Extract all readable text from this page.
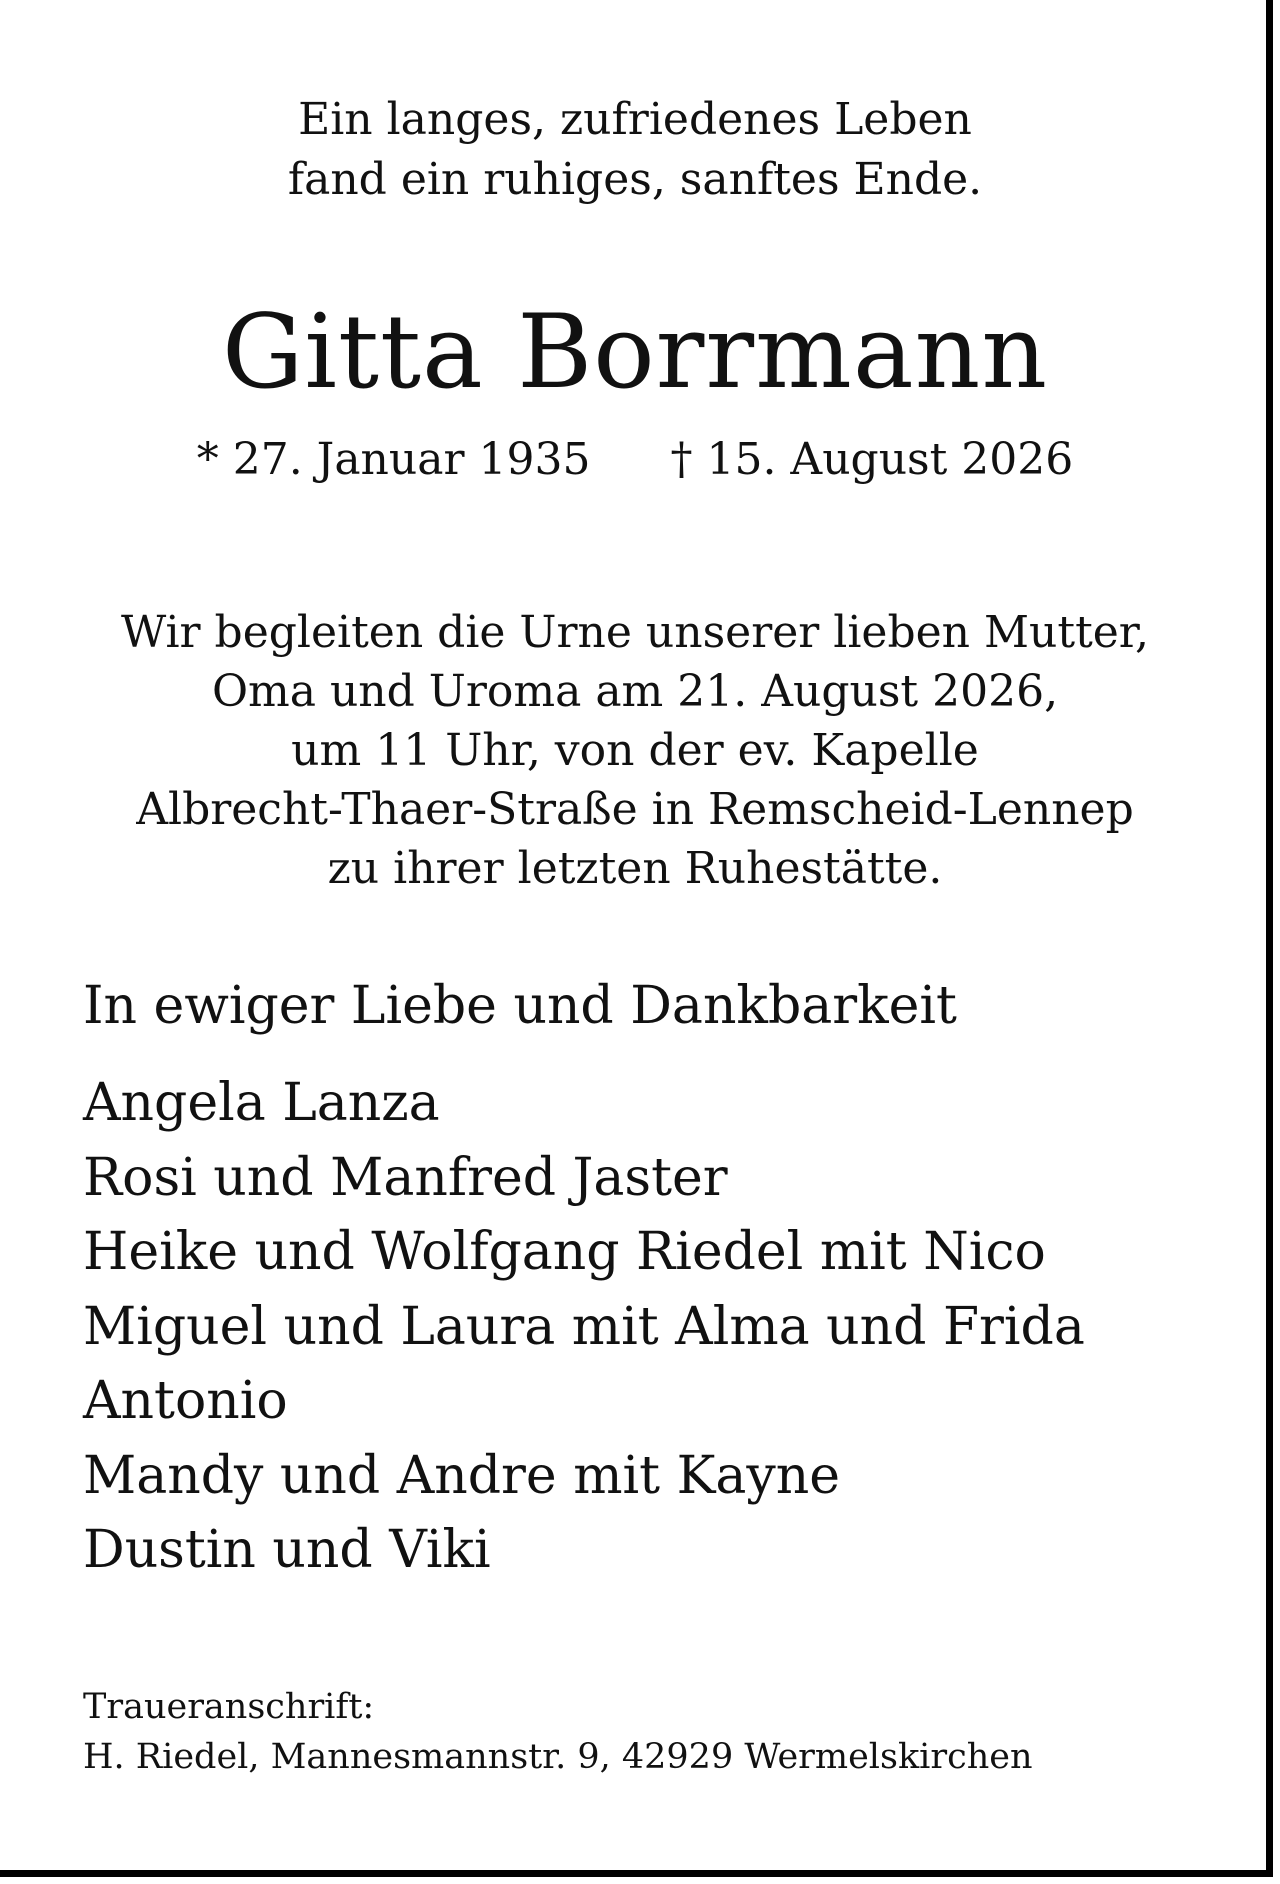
Ein langes, zufriedenes Leben
fand ein ruhiges, sanftes Ende.
Gitta Borrmann
* 27. Januar 1935 † 15. August 2026
Wir begleiten die Urne unserer lieben Mutter,
Oma und Uroma am 21. August 2026,
um 11 Uhr, von der ev. Kapelle
Albrecht-Thaer-Straße in Remscheid-Lennep
zu ihrer letzten Ruhestätte.
In ewiger Liebe und Dankbarkeit
Angela Lanza
Rosi und Manfred Jaster
Heike und Wolfgang Riedel mit Nico
Miguel und Laura mit Alma und Frida
Antonio
Mandy und Andre mit Kayne
Dustin und Viki
Traueranschrift:
H. Riedel, Mannesmannstr. 9, 42929 Wermelskirchen
